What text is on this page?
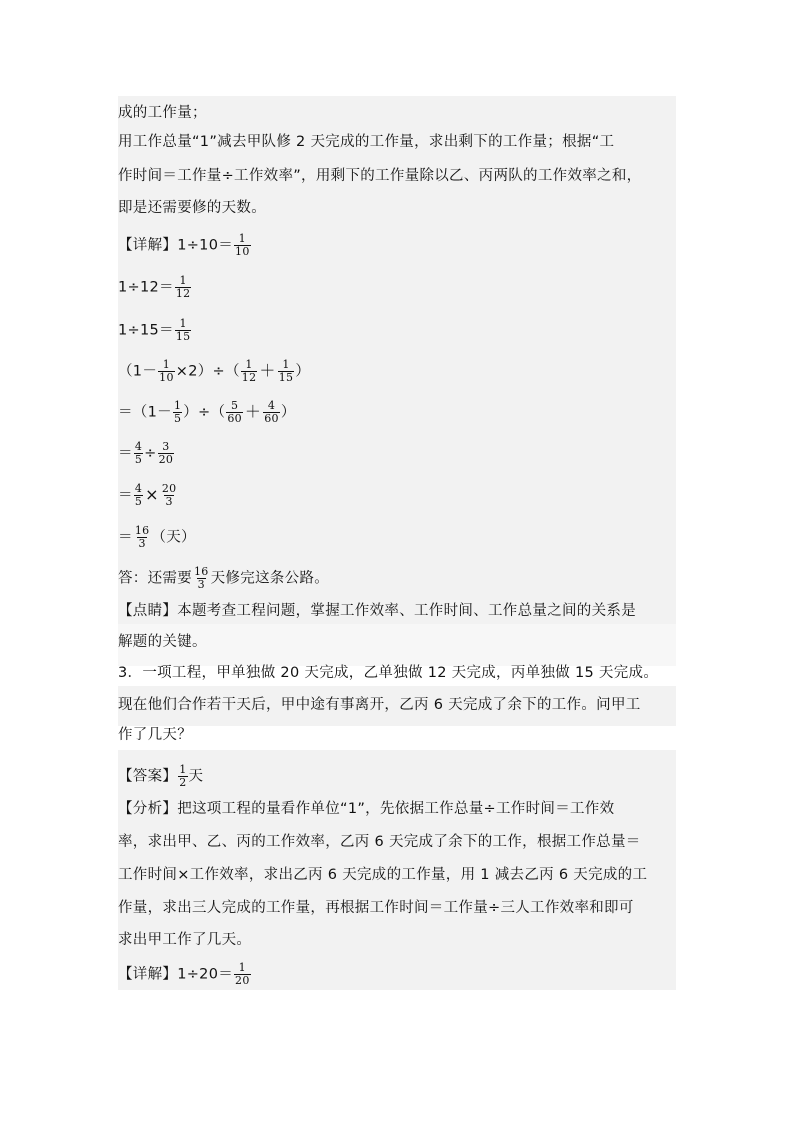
成的工作量；
用工作总量“1”减去甲队修 2 天完成的工作量，求出剩下的工作量；根据“工
作时间＝工作量÷工作效率”，用剩下的工作量除以乙、丙两队的工作效率之和，
即是还需要修的天数。
【详解】$1\div 10= \frac{1}{10}$
$1\div 12= \frac{1}{12}$
$1\div 15= \frac{1}{15}$
$(1- \frac{1}{10} \times 2)\div( \frac{1}{12} + \frac{1}{15}$ ）
$=(1- \frac{1}{5}$ ）÷（ $\frac{5}{60} + \frac{4}{60}$ ）
＝ $\frac{4}{5} \div \frac{3}{20}$
＝ $\frac{4}{5} \times \frac{20}{3}$
＝ $\frac{16}{3}$ （天）
答：还需要 $\frac{16}{3}$ 天修完这条公路。
【点睛】本题考查工程问题，掌握工作效率、工作时间、工作总量之间的关系是
解题的关键。
3．一项工程，甲单独做 20 天完成，乙单独做 12 天完成，丙单独做 15 天完成。
现在他们合作若干天后，甲中途有事离开，乙丙 6 天完成了余下的工作。问甲工
作了几天？
【答案】 $\frac{1}{2}$ 天
【分析】把这项工程的量看作单位“1”，先依据工作总量÷工作时间＝工作效
率，求出甲、乙、丙的工作效率，乙丙 6 天完成了余下的工作，根据工作总量＝
工作时间×工作效率，求出乙丙 6 天完成的工作量，用 1 减去乙丙 6 天完成的工
作量，求出三人完成的工作量，再根据工作时间＝工作量÷三人工作效率和即可
求出甲工作了几天。
【详解】$1\div 20= \frac{1}{20}$
